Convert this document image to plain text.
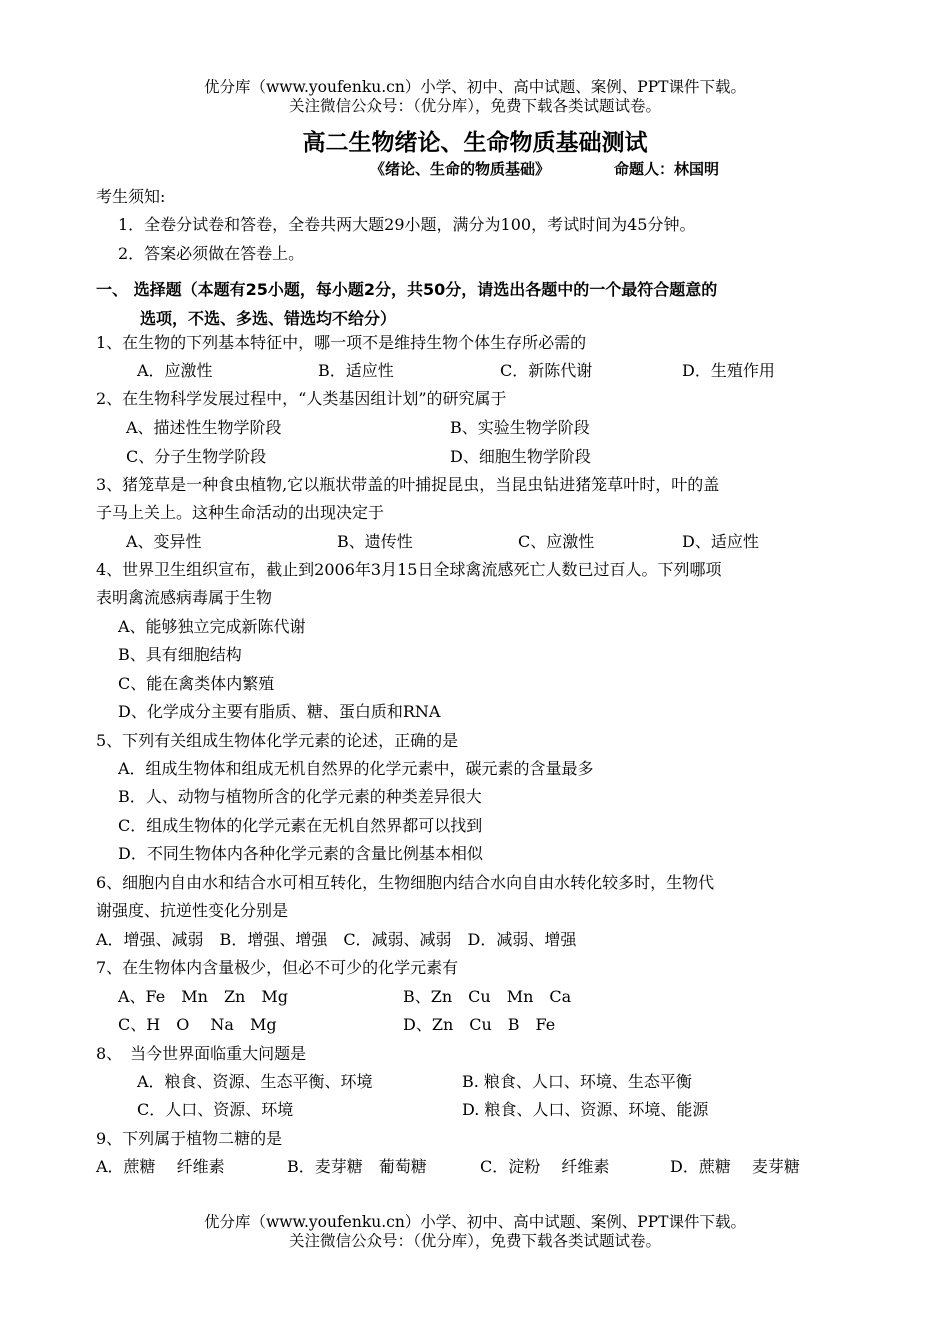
优分库（www.youfenku.cn）小学、初中、高中试题、案例、PPT课件下载。
关注微信公众号：（优分库），免费下载各类试题试卷。
高二生物绪论、生命物质基础测试
《绪论、生命的物质基础》	命题人：林国明
考生须知:
1．全卷分试卷和答卷，全卷共两大题29小题，满分为100，考试时间为45分钟。
2．答案必须做在答卷上。
一、 选择题（本题有25小题，每小题2分，共50分，请选出各题中的一个最符合题意的
选项，不选、多选、错选均不给分）
1、在生物的下列基本特征中，哪一项不是维持生物个体生存所必需的
A．应激性	B．适应性	C．新陈代谢	D．生殖作用
2、在生物科学发展过程中，“人类基因组计划”的研究属于
A、描述性生物学阶段	B、实验生物学阶段
C、分子生物学阶段	D、细胞生物学阶段
3、猪笼草是一种食虫植物,它以瓶状带盖的叶捕捉昆虫，当昆虫钻进猪笼草叶时，叶的盖
子马上关上。这种生命活动的出现决定于
A、变异性	B、遗传性	C、应激性	D、适应性
4、世界卫生组织宣布，截止到2006年3月15日全球禽流感死亡人数已过百人。下列哪项
表明禽流感病毒属于生物
A、能够独立完成新陈代谢
B、具有细胞结构
C、能在禽类体内繁殖
D、化学成分主要有脂质、糖、蛋白质和RNA
5、下列有关组成生物体化学元素的论述，正确的是
A．组成生物体和组成无机自然界的化学元素中，碳元素的含量最多
B．人、动物与植物所含的化学元素的种类差异很大
C．组成生物体的化学元素在无机自然界都可以找到
D．不同生物体内各种化学元素的含量比例基本相似
6、细胞内自由水和结合水可相互转化，生物细胞内结合水向自由水转化较多时，生物代
谢强度、抗逆性变化分别是
A．增强、减弱　B．增强、增强　C．减弱、减弱　D．减弱、增强
7、在生物体内含量极少，但必不可少的化学元素有
A、Fe　Mn　Zn　Mg	B、Zn　Cu　Mn　Ca
C、H　O　 Na　Mg	D、Zn　Cu　B　Fe
8、　当今世界面临重大问题是
A．粮食、资源、生态平衡、环境	B. 粮食、人口、环境、生态平衡
C．人口、资源、环境	D. 粮食、人口、资源、环境、能源
9、下列属于植物二糖的是
A．蔗糖　 纤维素	B．麦芽糖　葡萄糖	C．淀粉　 纤维素	D．蔗糖　 麦芽糖
优分库（www.youfenku.cn）小学、初中、高中试题、案例、PPT课件下载。
关注微信公众号：（优分库），免费下载各类试题试卷。
